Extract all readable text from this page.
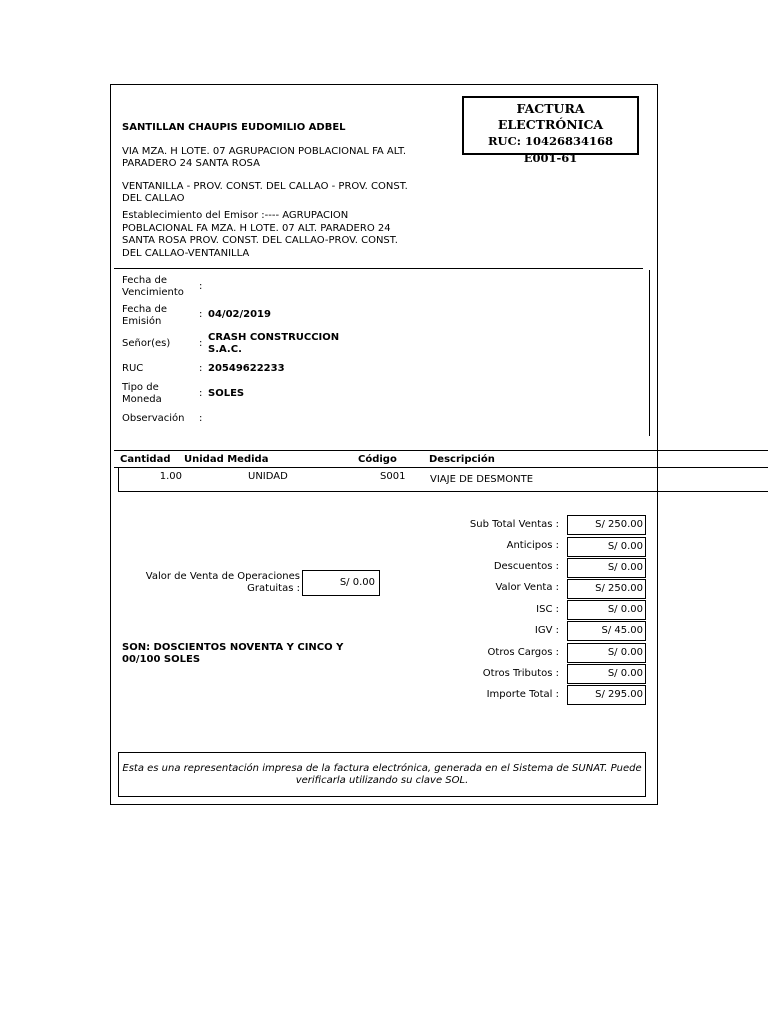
SANTILLAN CHAUPIS EUDOMILIO ADBEL
VIA MZA. H LOTE. 07 AGRUPACION POBLACIONAL FA ALT.
PARADERO 24 SANTA ROSA
VENTANILLA - PROV. CONST. DEL CALLAO - PROV. CONST.
DEL CALLAO
Establecimiento del Emisor :---- AGRUPACION
POBLACIONAL FA MZA. H LOTE. 07 ALT. PARADERO 24
SANTA ROSA PROV. CONST. DEL CALLAO-PROV. CONST.
DEL CALLAO-VENTANILLA
FACTURA ELECTRÓNICA
RUC: 10426834168
E001-61
Fecha de
Vencimiento
:
Fecha de
Emisión
: 04/02/2019
Señor(es)	:
CRASH CONSTRUCCION
S.A.C.
RUC	: 20549622233
Tipo de
Moneda
: SOLES
Observación :
Cantidad Unidad Medida	Código	Descripción
1.00	UNIDAD	S001 VIAJE DE DESMONTE
Valor de Venta de Operaciones
Gratuitas :
S/ 0.00
SON: DOSCIENTOS NOVENTA Y CINCO Y
00/100 SOLES
Sub Total Ventas :	S/ 250.00
Anticipos :	S/ 0.00
Descuentos :	S/ 0.00
Valor Venta :	S/ 250.00
ISC :	S/ 0.00
IGV :	S/ 45.00
Otros Cargos :	S/ 0.00
Otros Tributos :	S/ 0.00
Importe Total :	S/ 295.00
Esta es una representación impresa de la factura electrónica, generada en el Sistema de SUNAT. Puede
verificarla utilizando su clave SOL.
